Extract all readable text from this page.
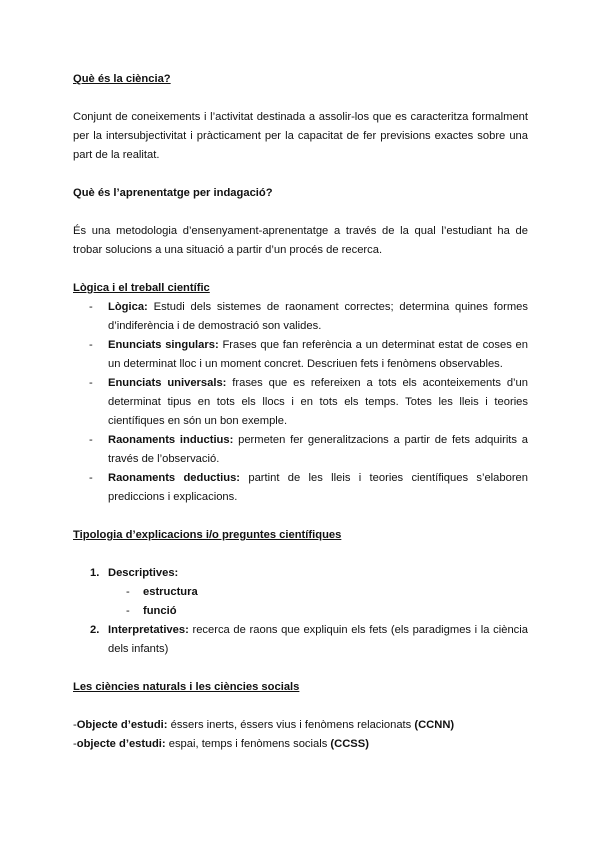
Què és la ciència?

Conjunt de coneixements i l’activitat destinada a assolir-los que es caracteritza formalment per la intersubjectivitat i pràcticament per la capacitat de fer previsions exactes sobre una part de la realitat.

Què és l’aprenentatge per indagació?

És una metodologia d’ensenyament-aprenentatge a través de la qual l’estudiant ha de trobar solucions a una situació a partir d’un procés de recerca.

Lògica i el treball científic

- Lògica: Estudi dels sistemes de raonament correctes; determina quines formes d’indiferència i de demostració son valides.
- Enunciats singulars: Frases que fan referència a un determinat estat de coses en un determinat lloc i un moment concret. Descriuen fets i fenòmens observables.
- Enunciats universals: frases que es refereixen a tots els aconteixements d’un determinat tipus en tots els llocs i en tots els temps. Totes les lleis i teories científiques en són un bon exemple.
- Raonaments inductius: permeten fer generalitzacions a partir de fets adquirits a través de l’observació.
- Raonaments deductius: partint de les lleis i teories científiques s’elaboren prediccions i explicacions.

Tipologia d’explicacions i/o preguntes científiques

1. Descriptives:
- estructura
- funció
2. Interpretatives: recerca de raons que expliquin els fets (els paradigmes i la ciència dels infants)

Les ciències naturals i les ciències socials

-Objecte d’estudi: éssers inerts, éssers vius i fenòmens relacionats (CCNN)

-objecte d’estudi: espai, temps i fenòmens socials (CCSS)
